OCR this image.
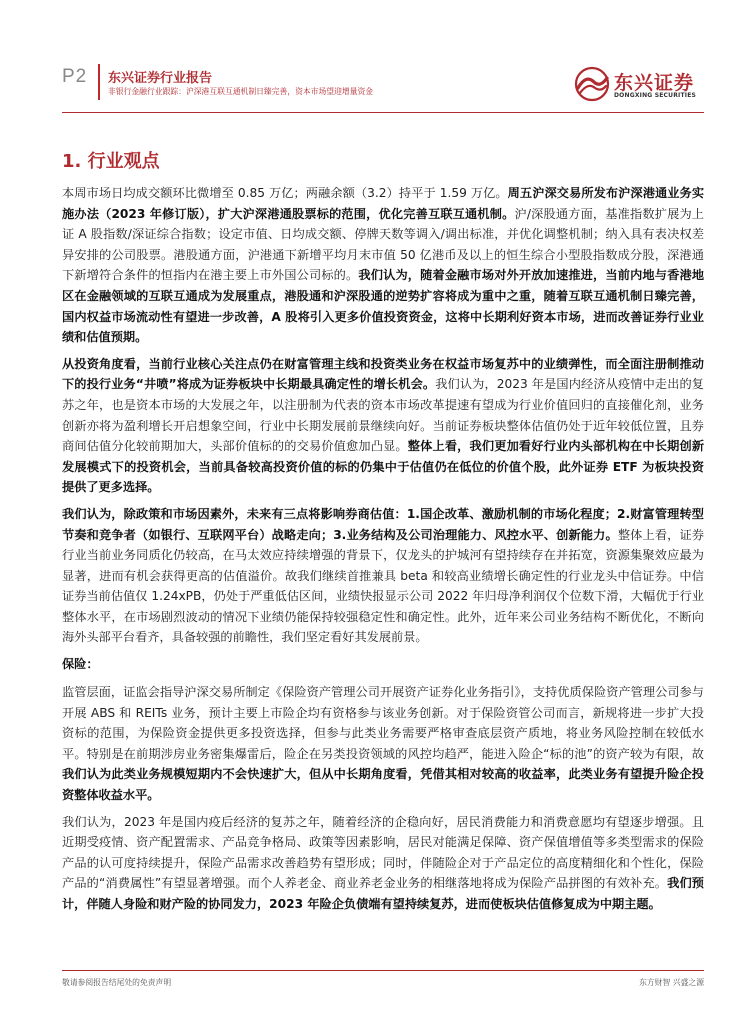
P2 东兴证券行业报告
非银行金融行业跟踪：沪深港互联互通机制日臻完善，资本市场望迎增量资金	东兴证券
DONGXING SECURITIES
1. 行业观点

本周市场日均成交额环比微增至 0.85 万亿；两融余额（3.2）持平于 1.59 万亿。周五沪深交易所发布沪深港通业务实施办法（2023 年修订版），扩大沪深港通股票标的范围，优化完善互联互通机制。沪/深股通方面，基准指数扩展为上证 A 股指数/深证综合指数；设定市值、日均成交额、停牌天数等调入/调出标准，并优化调整机制；纳入具有表决权差异安排的公司股票。港股通方面，沪港通下新增平均月末市值 50 亿港币及以上的恒生综合小型股指数成分股，深港通下新增符合条件的恒指内在港主要上市外国公司标的。我们认为，随着金融市场对外开放加速推进，当前内地与香港地区在金融领域的互联互通成为发展重点，港股通和沪深股通的逆势扩容将成为重中之重，随着互联互通机制日臻完善，国内权益市场流动性有望进一步改善，A 股将引入更多价值投资资金，这将中长期利好资本市场，进而改善证券行业业绩和估值预期。

从投资角度看，当前行业核心关注点仍在财富管理主线和投资类业务在权益市场复苏中的业绩弹性，而全面注册制推动下的投行业务“井喷”将成为证券板块中长期最具确定性的增长机会。我们认为，2023 年是国内经济从疫情中走出的复苏之年，也是资本市场的大发展之年，以注册制为代表的资本市场改革提速有望成为行业价值回归的直接催化剂，业务创新亦将为盈利增长开启想象空间，行业中长期发展前景继续向好。当前证券板块整体估值仍处于近年较低位置，且券商间估值分化较前期加大，头部价值标的的交易价值愈加凸显。整体上看，我们更加看好行业内头部机构在中长期创新发展模式下的投资机会，当前具备较高投资价值的标的仍集中于估值仍在低位的价值个股，此外证券 ETF 为板块投资提供了更多选择。

我们认为，除政策和市场因素外，未来有三点将影响券商估值：1.国企改革、激励机制的市场化程度；2.财富管理转型节奏和竞争者（如银行、互联网平台）战略走向；3.业务结构及公司治理能力、风控水平、创新能力。整体上看，证券行业当前业务同质化仍较高，在马太效应持续增强的背景下，仅龙头的护城河有望持续存在并拓宽，资源集聚效应最为显著，进而有机会获得更高的估值溢价。故我们继续首推兼具 beta 和较高业绩增长确定性的行业龙头中信证券。中信证券当前估值仅 1.24xPB，仍处于严重低估区间，业绩快报显示公司 2022 年归母净利润仅个位数下滑，大幅优于行业整体水平，在市场剧烈波动的情况下业绩仍能保持较强稳定性和确定性。此外，近年来公司业务结构不断优化，不断向海外头部平台看齐，具备较强的前瞻性，我们坚定看好其发展前景。

保险：

监管层面，证监会指导沪深交易所制定《保险资产管理公司开展资产证券化业务指引》，支持优质保险资产管理公司参与开展 ABS 和 REITs 业务，预计主要上市险企均有资格参与该业务创新。对于保险资管公司而言，新规将进一步扩大投资标的范围，为保险资金提供更多投资选择，但参与此类业务需要严格审查底层资产质地，将业务风险控制在较低水平。特别是在前期涉房业务密集爆雷后，险企在另类投资领域的风控均趋严，能进入险企“标的池”的资产较为有限，故我们认为此类业务规模短期内不会快速扩大，但从中长期角度看，凭借其相对较高的收益率，此类业务有望提升险企投资整体收益水平。

我们认为，2023 年是国内疫后经济的复苏之年，随着经济的企稳向好，居民消费能力和消费意愿均有望逐步增强。且近期受疫情、资产配置需求、产品竞争格局、政策等因素影响，居民对能满足保障、资产保值增值等多类型需求的保险产品的认可度持续提升，保险产品需求改善趋势有望形成；同时，伴随险企对于产品定位的高度精细化和个性化，保险产品的“消费属性”有望显著增强。而个人养老金、商业养老金业务的相继落地将成为保险产品拼图的有效补充。我们预计，伴随人身险和财产险的协同发力，2023 年险企负债端有望持续复苏，进而使板块估值修复成为中期主题。

敬请参阅报告结尾处的免责声明	东方财智 兴盛之源
